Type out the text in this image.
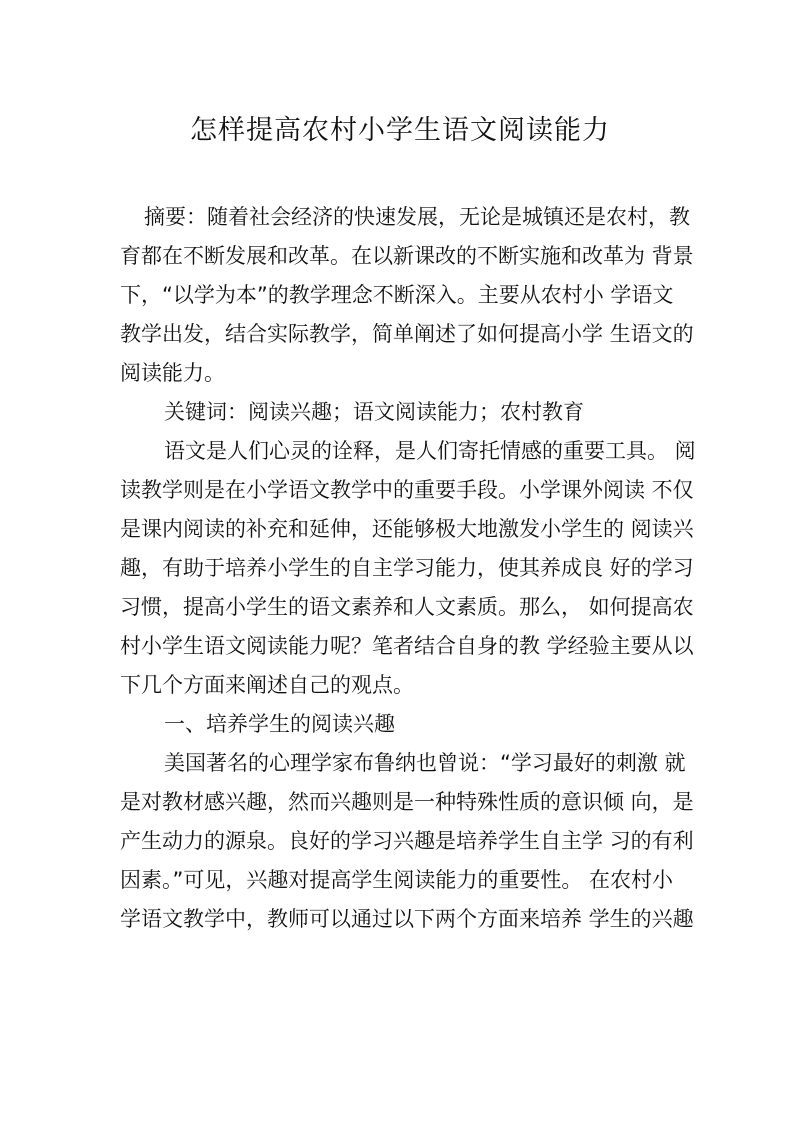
怎样提高农村小学生语文阅读能力
摘要：随着社会经济的快速发展，无论是城镇还是农村，教
育都在不断发展和改革。在以新课改的不断实施和改革为 背景
下，“以学为本”的教学理念不断深入。主要从农村小 学语文
教学出发，结合实际教学，简单阐述了如何提高小学 生语文的
阅读能力。
关键词：阅读兴趣；语文阅读能力；农村教育
语文是人们心灵的诠释，是人们寄托情感的重要工具。 阅
读教学则是在小学语文教学中的重要手段。小学课外阅读 不仅
是课内阅读的补充和延伸，还能够极大地激发小学生的 阅读兴
趣，有助于培养小学生的自主学习能力，使其养成良 好的学习
习惯，提高小学生的语文素养和人文素质。那么， 如何提高农
村小学生语文阅读能力呢？笔者结合自身的教 学经验主要从以
下几个方面来阐述自己的观点。
一、培养学生的阅读兴趣
美国著名的心理学家布鲁纳也曾说：“学习最好的刺激 就
是对教材感兴趣，然而兴趣则是一种特殊性质的意识倾 向，是
产生动力的源泉。良好的学习兴趣是培养学生自主学 习的有利
因素。”可见，兴趣对提高学生阅读能力的重要性。 在农村小
学语文教学中，教师可以通过以下两个方面来培养 学生的兴趣
